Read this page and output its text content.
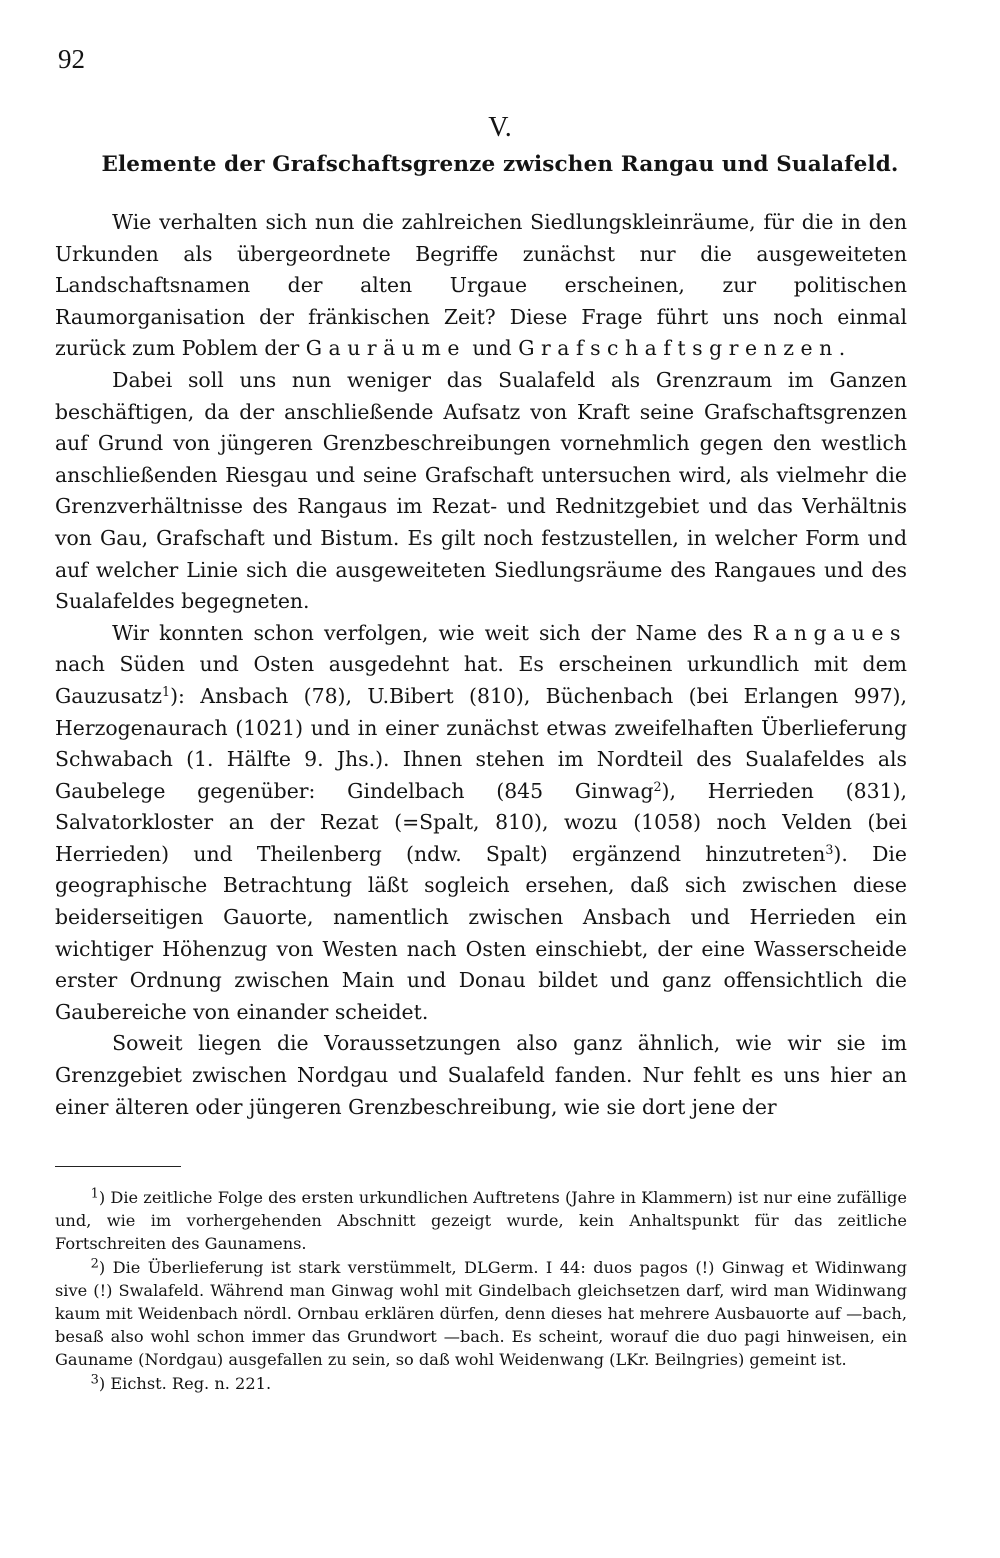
92
V.
Elemente der Grafschaftsgrenze zwischen Rangau und Sualafeld.

Wie verhalten sich nun die zahlreichen Siedlungskleinräume, für die in den Urkunden als übergeordnete Begriffe zunächst nur die ausgeweiteten Landschaftsnamen der alten Urgaue erscheinen, zur politischen Raumorganisation der fränkischen Zeit? Diese Frage führt uns noch einmal zurück zum Poblem der Gauräume und Grafschaftsgrenzen.

Dabei soll uns nun weniger das Sualafeld als Grenzraum im Ganzen beschäftigen, da der anschließende Aufsatz von Kraft seine Grafschaftsgrenzen auf Grund von jüngeren Grenzbeschreibungen vornehmlich gegen den westlich anschließenden Riesgau und seine Grafschaft untersuchen wird, als vielmehr die Grenzverhältnisse des Rangaus im Rezat- und Rednitzgebiet und das Verhältnis von Gau, Grafschaft und Bistum. Es gilt noch festzustellen, in welcher Form und auf welcher Linie sich die ausgeweiteten Siedlungsräume des Rangaues und des Sualafeldes begegneten.

Wir konnten schon verfolgen, wie weit sich der Name des Rangaues nach Süden und Osten ausgedehnt hat. Es erscheinen urkundlich mit dem Gauzusatz$^1$): Ansbach (78), U.Bibert (810), Büchenbach (bei Erlangen 997), Herzogenaurach (1021) und in einer zunächst etwas zweifelhaften Überlieferung Schwabach (1. Hälfte 9. Jhs.). Ihnen stehen im Nordteil des Sualafeldes als Gaubelege gegenüber: Gindelbach (845 Ginwag$^2$), Herrieden (831), Salvatorkloster an der Rezat (=Spalt, 810), wozu (1058) noch Velden (bei Herrieden) und Theilenberg (ndw. Spalt) ergänzend hinzutreten$^3$). Die geographische Betrachtung läßt sogleich ersehen, daß sich zwischen diese beiderseitigen Gauorte, namentlich zwischen Ansbach und Herrieden ein wichtiger Höhenzug von Westen nach Osten einschiebt, der eine Wasserscheide erster Ordnung zwischen Main und Donau bildet und ganz offensichtlich die Gaubereiche von einander scheidet.

Soweit liegen die Voraussetzungen also ganz ähnlich, wie wir sie im Grenzgebiet zwischen Nordgau und Sualafeld fanden. Nur fehlt es uns hier an einer älteren oder jüngeren Grenzbeschreibung, wie sie dort jene der

$^1$) Die zeitliche Folge des ersten urkundlichen Auftretens (Jahre in Klammern) ist nur eine zufällige und, wie im vorhergehenden Abschnitt gezeigt wurde, kein Anhaltspunkt für das zeitliche Fortschreiten des Gaunamens.

$^2$) Die Überlieferung ist stark verstümmelt, DLGerm. I 44: duos pagos (!) Ginwag et Widinwang sive (!) Swalafeld. Während man Ginwag wohl mit Gindelbach gleichsetzen darf, wird man Widinwang kaum mit Weidenbach nördl. Ornbau erklären dürfen, denn dieses hat mehrere Ausbauorte auf —bach, besaß also wohl schon immer das Grundwort —bach. Es scheint, worauf die duo pagi hinweisen, ein Gauname (Nordgau) ausgefallen zu sein, so daß wohl Weidenwang (LKr. Beilngries) gemeint ist.

$^3$) Eichst. Reg. n. 221.
